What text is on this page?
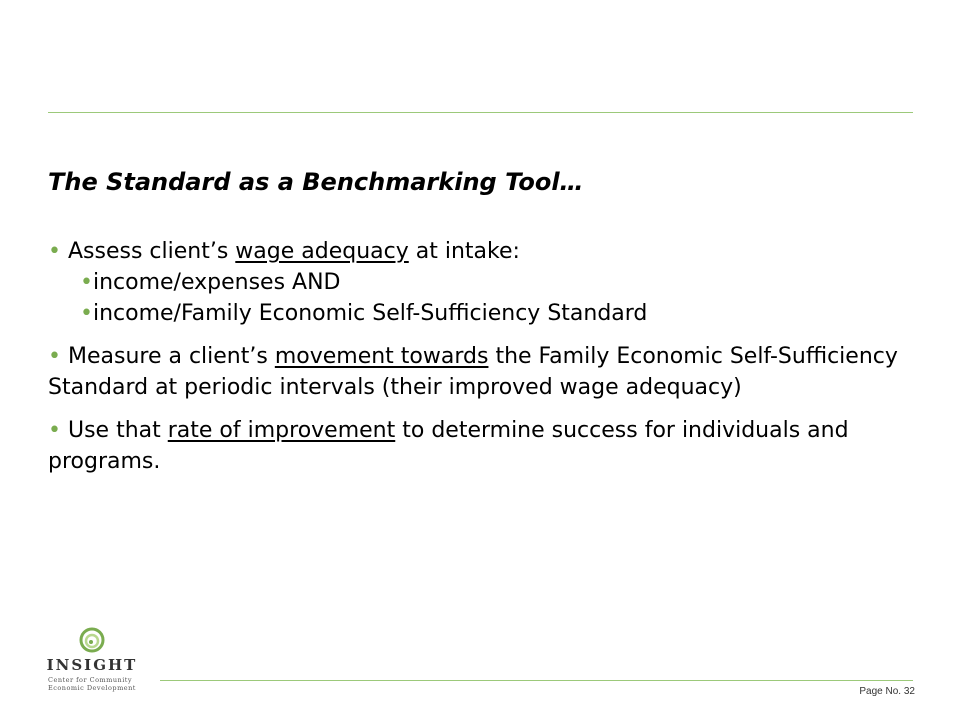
The Standard as a Benchmarking Tool…

• Assess client’s wage adequacy at intake:

•income/expenses AND

•income/Family Economic Self-Sufficiency Standard

• Measure a client’s movement towards the Family Economic Self-Sufficiency Standard at periodic intervals (their improved wage adequacy)

• Use that rate of improvement to determine success for individuals and programs.

INSIGHT
Center for Community
Economic Development	Page No. 32
